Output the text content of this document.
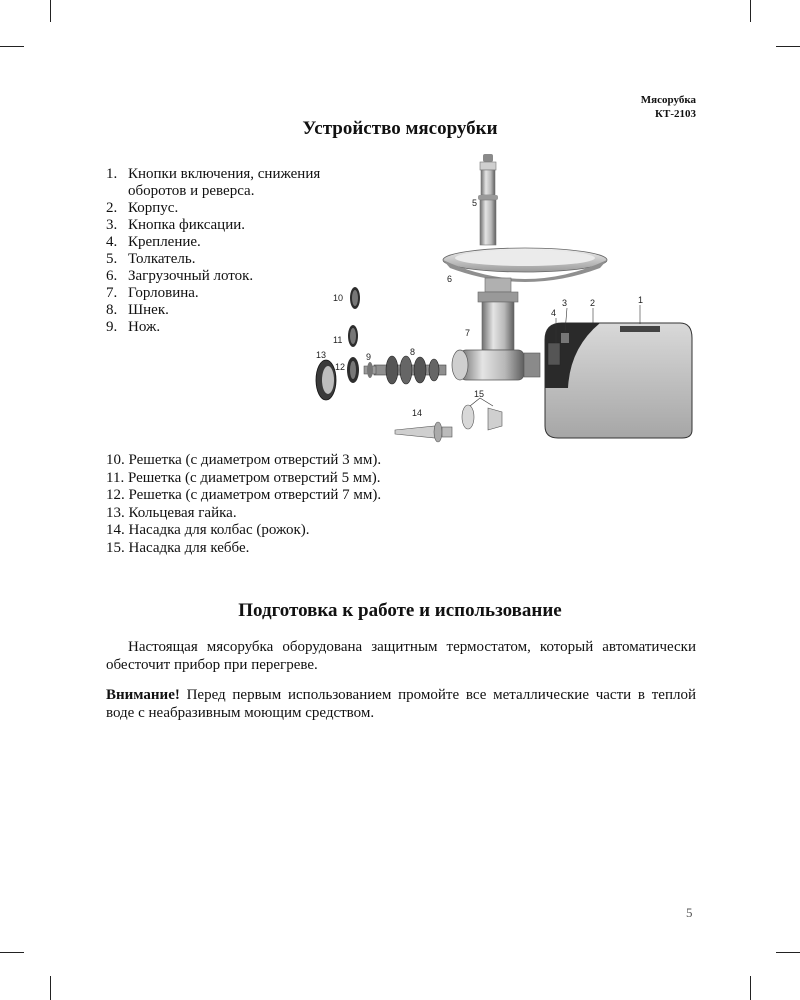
Мясорубка
КТ-2103
Устройство мясорубки
1. Кнопки включения, снижения оборотов и реверса.
2. Корпус.
3. Кнопка фиксации.
4. Крепление.
5. Толкатель.
6. Загрузочный лоток.
7. Горловина.
8. Шнек.
9. Нож.
1
2
3
4
5
6
7
8
9
10
11
12
13
14
15
10. Решетка (с диаметром отверстий 3 мм).
11. Решетка (с диаметром отверстий 5 мм).
12. Решетка (с диаметром отверстий 7 мм).
13. Кольцевая гайка.
14. Насадка для колбас (рожок).
15. Насадка для кеббе.
Подготовка к работе и использование
Настоящая мясорубка оборудована защитным термостатом, который автоматически обесточит прибор при перегреве.
Внимание! Перед первым использованием промойте все металлические части в теплой воде с неабразивным моющим средством.
5
